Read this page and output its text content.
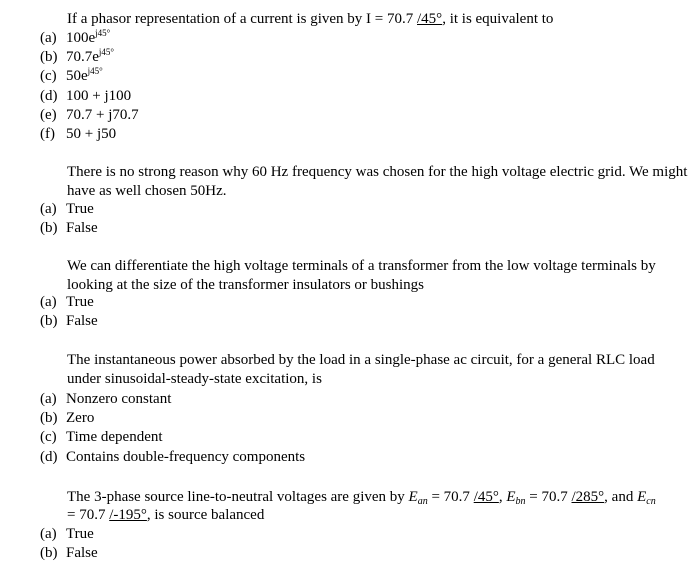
If a phasor representation of a current is given by I = 70.7 /45°, it is equivalent to
(a) $100e^{j45^\circ}$
(b) $70.7e^{j45^\circ}$
(c) $50e^{j45^\circ}$
(d) 100 + j100
(e) 70.7 + j70.7
(f) 50 + j50
There is no strong reason why 60 Hz frequency was chosen for the high voltage electric grid. We might have as well chosen 50Hz.
(a) True
(b) False
We can differentiate the high voltage terminals of a transformer from the low voltage terminals by looking at the size of the transformer insulators or bushings
(a) True
(b) False
The instantaneous power absorbed by the load in a single-phase ac circuit, for a general RLC load under sinusoidal-steady-state excitation, is
(a) Nonzero constant
(b) Zero
(c) Time dependent
(d) Contains double-frequency components
The 3-phase source line-to-neutral voltages are given by $E_{an} = 70.7$ /45°, $E_{bn} = 70.7$ /285°, and $E_{cn}$
= 70.7 /-195°, is source balanced
(a) True
(b) False
